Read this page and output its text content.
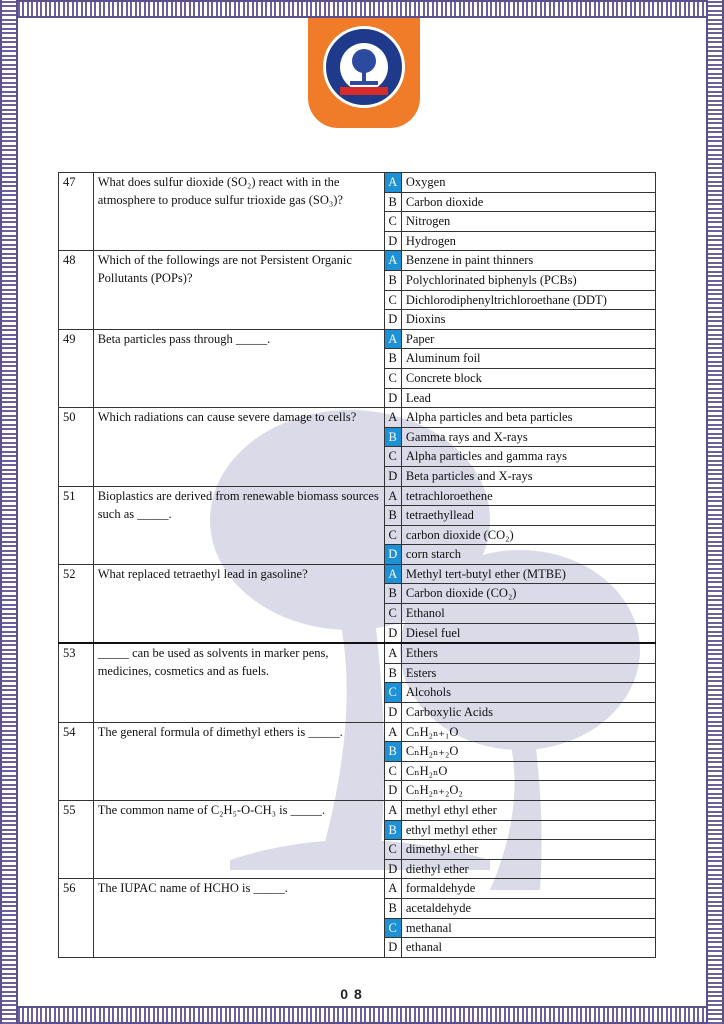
47	What does sulfur dioxide (SO₂) react with in the atmosphere to produce sulfur trioxide gas (SO₃)?	A	Oxygen
		B	Carbon dioxide
		C	Nitrogen
		D	Hydrogen
48	Which of the followings are not Persistent Organic Pollutants (POPs)?	A	Benzene in paint thinners
		B	Polychlorinated biphenyls (PCBs)
		C	Dichlorodiphenyltrichloroethane (DDT)
		D	Dioxins
49	Beta particles pass through _____.	A	Paper
		B	Aluminum foil
		C	Concrete block
		D	Lead
50	Which radiations can cause severe damage to cells?	A	Alpha particles and beta particles
		B	Gamma rays and X-rays
		C	Alpha particles and gamma rays
		D	Beta particles and X-rays
51	Bioplastics are derived from renewable biomass sources such as _____.	A	tetrachloroethene
		B	tetraethyllead
		C	carbon dioxide (CO₂)
		D	corn starch
52	What replaced tetraethyl lead in gasoline?	A	Methyl tert-butyl ether (MTBE)
		B	Carbon dioxide (CO₂)
		C	Ethanol
		D	Diesel fuel
53	_____ can be used as solvents in marker pens, medicines, cosmetics and as fuels.	A	Ethers
		B	Esters
		C	Alcohols
		D	Carboxylic Acids
54	The general formula of dimethyl ethers is _____.	A	CₙH₂ₙ₊₁O
		B	CₙH₂ₙ₊₂O
		C	CₙH₂ₙO
		D	CₙH₂ₙ₊₂O₂
55	The common name of C₂H₅-O-CH₃ is _____.	A	methyl ethyl ether
		B	ethyl methyl ether
		C	dimethyl ether
		D	diethyl ether
56	The IUPAC name of HCHO is _____.	A	formaldehyde
		B	acetaldehyde
		C	methanal
		D	ethanal
08
